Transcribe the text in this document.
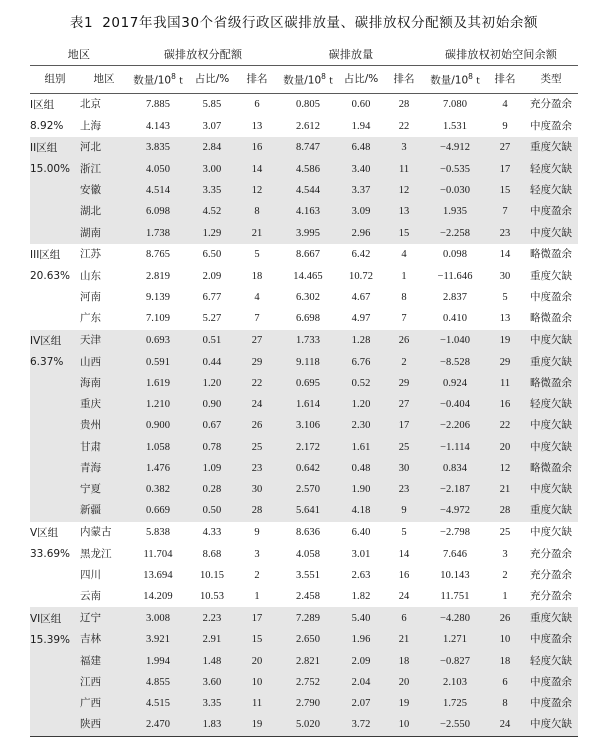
表1 2017年我国30个省级行政区碳排放量、碳排放权分配额及其初始余额
地区		碳排放权分配额			碳排放量			碳排放权初始空间余额		
组别	地区	数量$/10^8$ t	占比/%	排名	数量$/10^8$ t	占比/%	排名	数量$/10^8$ t	排名	类型

I区组	北京	7.885	5.85	6	0.805	0.60	28	7.080	4	充分盈余

8.92%	上海	4.143	3.07	13	2.612	1.94	22	1.531	9	中度盈余

II区组	河北	3.835	2.84	16	8.747	6.48	3	−4.912	27	重度欠缺

15.00%	浙江	4.050	3.00	14	4.586	3.40	11	−0.535	17	轻度欠缺
	安徽	4.514	3.35	12	4.544	3.37	12	−0.030	15	轻度欠缺
	湖北	6.098	4.52	8	4.163	3.09	13	1.935	7	中度盈余
	湖南	1.738	1.29	21	3.995	2.96	15	−2.258	23	中度欠缺

III区组	江苏	8.765	6.50	5	8.667	6.42	4	0.098	14	略微盈余

20.63%	山东	2.819	2.09	18	14.465	10.72	1	−11.646	30	重度欠缺
	河南	9.139	6.77	4	6.302	4.67	8	2.837	5	中度盈余
	广东	7.109	5.27	7	6.698	4.97	7	0.410	13	略微盈余

IV区组	天津	0.693	0.51	27	1.733	1.28	26	−1.040	19	中度欠缺

6.37%	山西	0.591	0.44	29	9.118	6.76	2	−8.528	29	重度欠缺
	海南	1.619	1.20	22	0.695	0.52	29	0.924	11	略微盈余
	重庆	1.210	0.90	24	1.614	1.20	27	−0.404	16	轻度欠缺
	贵州	0.900	0.67	26	3.106	2.30	17	−2.206	22	中度欠缺
	甘肃	1.058	0.78	25	2.172	1.61	25	−1.114	20	中度欠缺
	青海	1.476	1.09	23	0.642	0.48	30	0.834	12	略微盈余
	宁夏	0.382	0.28	30	2.570	1.90	23	−2.187	21	中度欠缺
	新疆	0.669	0.50	28	5.641	4.18	9	−4.972	28	重度欠缺

V区组	内蒙古	5.838	4.33	9	8.636	6.40	5	−2.798	25	中度欠缺

33.69%	黑龙江	11.704	8.68	3	4.058	3.01	14	7.646	3	充分盈余
	四川	13.694	10.15	2	3.551	2.63	16	10.143	2	充分盈余
	云南	14.209	10.53	1	2.458	1.82	24	11.751	1	充分盈余

VI区组	辽宁	3.008	2.23	17	7.289	5.40	6	−4.280	26	重度欠缺

15.39%	吉林	3.921	2.91	15	2.650	1.96	21	1.271	10	中度盈余
	福建	1.994	1.48	20	2.821	2.09	18	−0.827	18	轻度欠缺
	江西	4.855	3.60	10	2.752	2.04	20	2.103	6	中度盈余
	广西	4.515	3.35	11	2.790	2.07	19	1.725	8	中度盈余
	陕西	2.470	1.83	19	5.020	3.72	10	−2.550	24	中度欠缺
